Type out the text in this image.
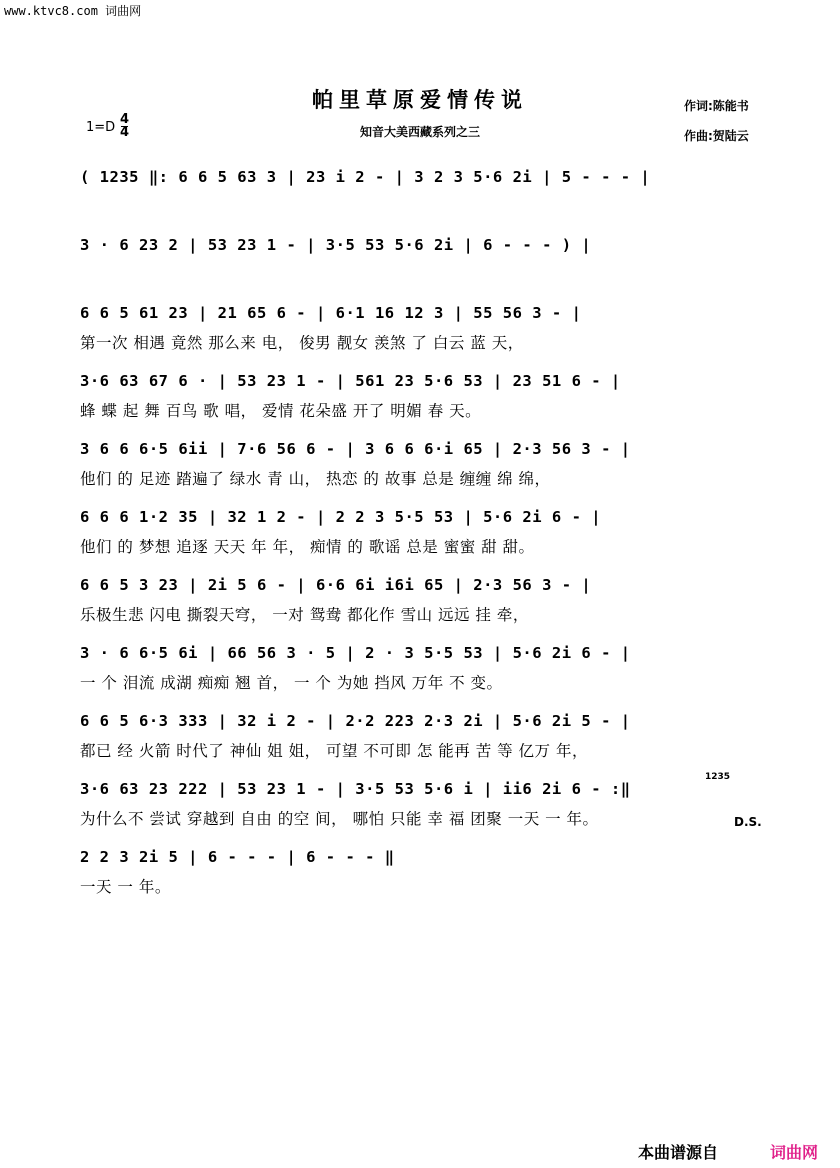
www.ktvc8.com 词曲网
帕里草原爱情传说	作词:陈能书
作曲:贺陆云
知音大美西藏系列之三
1=D
4
4
( 1235 ‖: 6 6 5 63 3 | 23 i 2 - | 3 2 3 5·6 2i | 5 - - - |
3 · 6 23 2 | 53 23 1 - | 3·5 53 5·6 2i | 6 - - - ) |
6 6 5 61 23 | 21 65 6 - | 6·1 16 12 3 | 55 56 3 - |
第一次 相遇 竟然 那么来 电， 俊男 靓女 羡煞 了 白云 蓝 天，
3·6 63 67 6 · | 53 23 1 - | 561 23 5·6 53 | 23 51 6 - |
蜂 蝶 起 舞 百鸟 歌 唱， 爱情 花朵盛 开了 明媚 春 天。
3 6 6 6·5 6ii | 7·6 56 6 - | 3 6 6 6·i 65 | 2·3 56 3 - |
他们 的 足迹 踏遍了 绿水 青 山， 热恋 的 故事 总是 缠缠 绵 绵，
6 6 6 1·2 35 | 32 1 2 - | 2 2 3 5·5 53 | 5·6 2i 6 - |
他们 的 梦想 追逐 天天 年 年， 痴情 的 歌谣 总是 蜜蜜 甜 甜。
6 6 5 3 23 | 2i 5 6 - | 6·6 6i i6i 65 | 2·3 56 3 - |
乐极生悲 闪电 撕裂天穹， 一对 鸳鸯 都化作 雪山 远远 挂 牵，
3 · 6 6·5 6i | 66 56 3 · 5 | 2 · 3 5·5 53 | 5·6 2i 6 - |
一 个 泪流 成湖 痴痴 翘 首， 一 个 为她 挡风 万年 不 变。
6 6 5 6·3 333 | 32 i 2 - | 2·2 223 2·3 2i | 5·6 2i 5 - |
都已 经 火箭 时代了 神仙 姐 姐， 可望 不可即 怎 能再 苦 等 亿万 年，
3·6 63 23 222 | 53 23 1 - | 3·5 53 5·6 i | ii6 2i 6 - :‖
为什么不 尝试 穿越到 自由 的空 间， 哪怕 只能 幸 福 团聚 一天 一 年。
2 2 3 2i 5 | 6 - - - | 6 - - - ‖
一天 一 年。
1235
D.S.
本曲谱源自	词曲网
